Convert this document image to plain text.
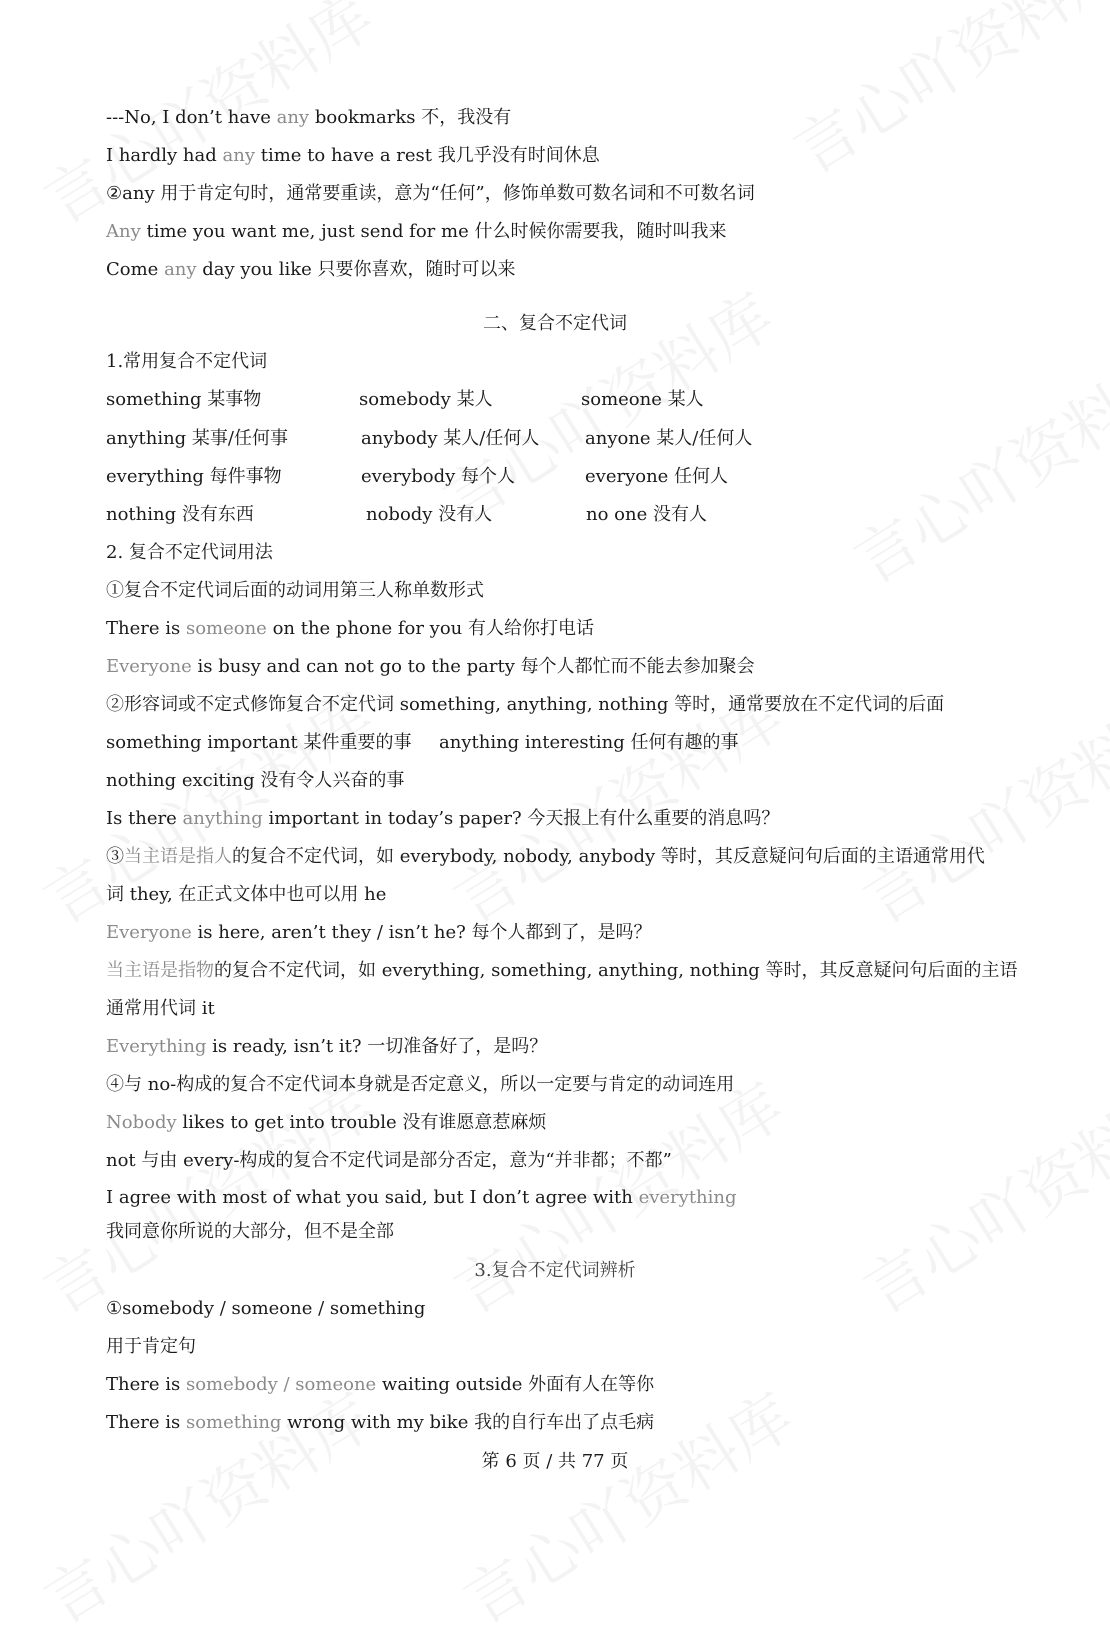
---No, I don’t have any bookmarks 不，我没有
I hardly had any time to have a rest 我几乎没有时间休息
②any 用于肯定句时，通常要重读，意为“任何”，修饰单数可数名词和不可数名词
Any time you want me, just send for me 什么时候你需要我，随时叫我来
Come any day you like 只要你喜欢，随时可以来
二、复合不定代词
1.常用复合不定代词
something 某事物	somebody 某人	someone 某人
anything 某事/任何事	anybody 某人/任何人	anyone 某人/任何人
everything 每件事物	everybody 每个人	everyone 任何人
nothing 没有东西	nobody 没有人	no one 没有人
2. 复合不定代词用法
①复合不定代词后面的动词用第三人称单数形式
There is someone on the phone for you 有人给你打电话
Everyone is busy and can not go to the party 每个人都忙而不能去参加聚会
②形容词或不定式修饰复合不定代词 something, anything, nothing 等时，通常要放在不定代词的后面
something important 某件重要的事 anything interesting 任何有趣的事
nothing exciting 没有令人兴奋的事
Is there anything important in today’s paper? 今天报上有什么重要的消息吗？
③当主语是指人的复合不定代词，如 everybody, nobody, anybody 等时，其反意疑问句后面的主语通常用代
词 they, 在正式文体中也可以用 he
Everyone is here, aren’t they / isn’t he? 每个人都到了，是吗？
当主语是指物的复合不定代词，如 everything, something, anything, nothing 等时，其反意疑问句后面的主语
通常用代词 it
Everything is ready, isn’t it? 一切准备好了，是吗？
④与 no-构成的复合不定代词本身就是否定意义，所以一定要与肯定的动词连用
Nobody likes to get into trouble 没有谁愿意惹麻烦
not 与由 every-构成的复合不定代词是部分否定，意为“并非都；不都”
I agree with most of what you said, but I don’t agree with everything
我同意你所说的大部分，但不是全部
3.复合不定代词辨析
①somebody / someone / something
用于肯定句
There is somebody / someone waiting outside 外面有人在等你
There is something wrong with my bike 我的自行车出了点毛病
笫 6 页 / 共 77 页
